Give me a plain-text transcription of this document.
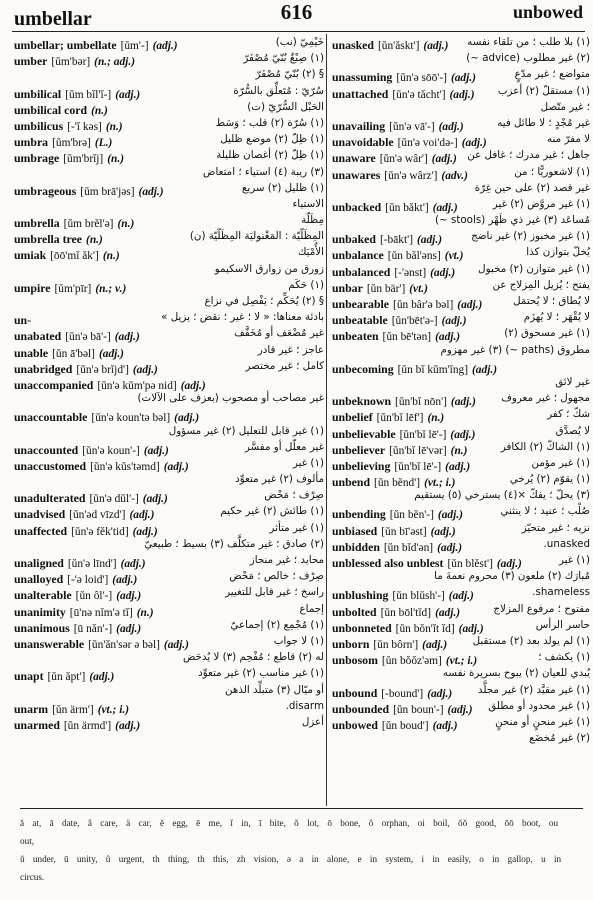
umbellar	616	unbowed
umbellar; umbellate [ŭm'-] (adj.)	خَيْمِيّ (نب)
umber [ŭm'bər] (n.; adj.)	(١) صِبْغٌ بُنّيّ مُصْفَرّ
§ (٢) بُنّيّ مُصْفَرّ
umbilical [ŭm bĭl'ĭ-] (adj.)	سُرّيّ : مُتَعلِّق بالسُّرّة
umbilical cord (n.)	الحَبْل السُّرّيّ (ت)
umbilicus [-'ĭ kəs] (n.)	(١) سُرّة (٢) قلب ؛ وَسَط
umbra [ŭm'brə] (L.)	(١) ظِلّ (٢) موضع ظليل
umbrage [ŭm'brĭj] (n.)	(١) ظِلّ (٢) أغصان ظليلة
(٣) ريبة (٤) استياء ؛ امتعاض
umbrageous [ŭm brā'jəs] (adj.)	(١) ظليل (٢) سريع
الاستياء
umbrella [ŭm brĕl'ə] (n.)	مِظَلّة
umbrella tree (n.)	المِظَلّيّة : المَغْنوليَة المِظَلّيّة (ن)
umiak [ōō'mĭ ăk'] (n.)	الأُمْيَك
زورق من زوارق الاسكيمو
umpire [ŭm'pīr] (n.; v.)	(١) حَكَم
§ (٢) يُحَكِّم ؛ يَفْصِل في نزاع
un-	بادئة معناها: « لا ؛ غير ؛ نقض ؛ يزيل »
unabated [ŭn'ə bā'-] (adj.)	غير مُضْعَف أو مُخَفَّف
unable [ŭn ā'bəl] (adj.)	عاجز ؛ غير قادر
unabridged [ŭn'ə brĭjd'] (adj.)	كامل ؛ غير مختصر
unaccompanied [ŭn'ə kŭm'pə nid] (adj.)
غير مصاحب أو مصحوب (بعزف على الآلات)
unaccountable [ŭn'ə koun'tə bəl] (adj.)
(١) غير قابل للتعليل (٢) غير مسؤول
unaccounted [ŭn'ə koun'-] (adj.)	غير معلّل أو مفسَّر
unaccustomed [ŭn'ə kŭs'təmd] (adj.)	(١) غير
مألوف (٢) غير متعوِّد
unadulterated [ŭn'ə dŭl'-] (adj.)	صِرْف ؛ مَحْض
unadvised [ŭn'əd vīzd'] (adj.)	(١) طائش (٢) غير حكيم
unaffected [ŭn'ə fĕk'tid] (adj.)	(١) غير متأثر
(٢) صادق ؛ غير متكلَّف (٣) بسيط ؛ طبيعيّ
unaligned [ŭn'ə līnd'] (adj.)	محايد ؛ غير منحاز
unalloyed [-'ə loid'] (adj.)	صِرْف ؛ خالص ؛ مَحْض
unalterable [ŭn ôl'-] (adj.)	راسخ ؛ غير قابل للتغيير
unanimity [ū'nə nĭm'ə tĭ] (n.)	إجماع
unanimous [ū năn'-] (adj.)	(١) مُجْمِع (٢) إجماعيّ
unanswerable [ŭn'ăn'sər ə bəl] (adj.)	(١) لا جواب
له (٢) قاطع ؛ مُفْحِم (٣) لا يُدحَض
unapt [ŭn ăpt'] (adj.)	(١) غير مناسب (٢) غير متعوِّد
أو ميّال (٣) متبلِّد الذهن
unarm [ŭn ärm'] (vt.; i.)	disarm.
unarmed [ŭn ärmd'] (adj.)	أعزل
unasked [ŭn'ăskt'] (adj.) (١) بلا طلب ؛ من تلقاء نفسه
(٢) غير مطلوب (advice ~)
unassuming [ŭn'ə sōō'-] (adj.)	متواضع ؛ غير مدّعٍ
unattached [ŭn'ə tăcht'] (adj.) (١) مستقلّ (٢) أعزب
؛ غير متّصل
unavailing [ŭn'ə vā'-] (adj.)	غير مُجْدٍ ؛ لا طائل فيه
unavoidable [ŭn'ə voi'də-] (adj.)	لا مفرّ منه
unaware [ŭn'ə wâr'] (adj.) جاهل ؛ غير مدرك ؛ غافل عن
unawares [ŭn'ə wârz'] (adv.)	(١) لاشعوريًّا ؛ من
غير قصد (٢) على حين غِرّة
unbacked [ŭn băkt'] (adj.)	(١) غير مروَّض (٢) غير
مُساعَد (٣) غير ذي ظَهْر (stools ~)
unbaked [-bākt'] (adj.)	(١) غير مخبوز (٢) غير ناضج
unbalance [ŭn băl'əns] (vt.)	يُخلّ بتوازن كذا
unbalanced [-'ənst] (adj.) (١) غير متوازن (٢) مخبول
unbar [ŭn bär'] (vt.)	يفتح ؛ يُزيل المِزلاج عن
unbearable [ŭn bâr'ə bəl] (adj.)	لا يُطاق ؛ لا يُحتمَل
unbeatable [ŭn'bēt'ə-] (adj.)	لا يُقْهَر ؛ لا يُهزَم
unbeaten [ŭn bē'tən] (adj.)	(١) غير مسحوق (٢)
مطروق (paths ~) (٣) غير مهزوم
unbecoming [ŭn bĭ kŭm'ĭng] (adj.)
غير لائق
unbeknown [ŭn'bĭ nōn'] (adj.) مجهول ؛ غير معروف
unbelief [ŭn'bĭ lēf'] (n.)	شكّ ؛ كفر
unbelievable [ŭn'bĭ lē'-] (adj.)	لا يُصدَّق
unbeliever [ŭn'bĭ lē'vər] (n.)	(١) الشاكّ (٢) الكافر
unbelieving [ŭn'bĭ lē'-] (adj.)	(١) غير مؤمن
unbend [ŭn bĕnd'] (vt.; i.)	(١) يقوّم (٢) يُرخي
(٣) يحلّ ؛ يفكّ ×(٤) يسترخي (٥) يستقيم
unbending [ŭn bĕn'-] (adj.)	صُلْب ؛ عنيد ؛ لا ينثني
unbiased [ŭn bī'əst] (adj.)	نزيه ؛ غير متحيّز
unbidden [ŭn bĭd'ən] (adj.)	unasked.
unblessed also unblest [ŭn blĕst'] (adj.)	(١) غير
مُبارَك (٢) ملعون (٣) محروم نعمةَ ما
unblushing [ŭn blŭsh'-] (adj.)	shameless.
unbolted [ŭn bōl'tĭd] (adj.)	مفتوح ؛ مرفوع المزلاج
unbonneted [ŭn bŏn'ĭt ĭd] (adj.)	حاسر الرأس
unborn [ŭn bôrn'] (adj.) (١) لم يولد بعد (٢) مستقبل
unbosom [ŭn bŏŏz'əm] (vt.; i.)	(١) يكشف ؛
يُبدي للعيان (٢) يبوح بسريرة نفسه
unbound [-bound'] (adj.) (١) غير مقيَّد (٢) غير مجلَّد
unbounded [ŭn boun'-] (adj.) (١) غير محدود أو مطلق
unbowed [ŭn boud'] (adj.)	(١) غير منحنٍ أو منحنٍ
(٢) غير مُخضَع
ă at, ā date, â care, ä car, ĕ egg, ē me, ĭ in, ī bite, ŏ lot, ō bone, ô orphan, oi boil, ŏŏ good, ōō boot, ou out,
ŭ under, ū unity, û urgent, th thing, th this, zh vision, ə a in alone, e in system, i in easily, o in gallop, u in circus.
